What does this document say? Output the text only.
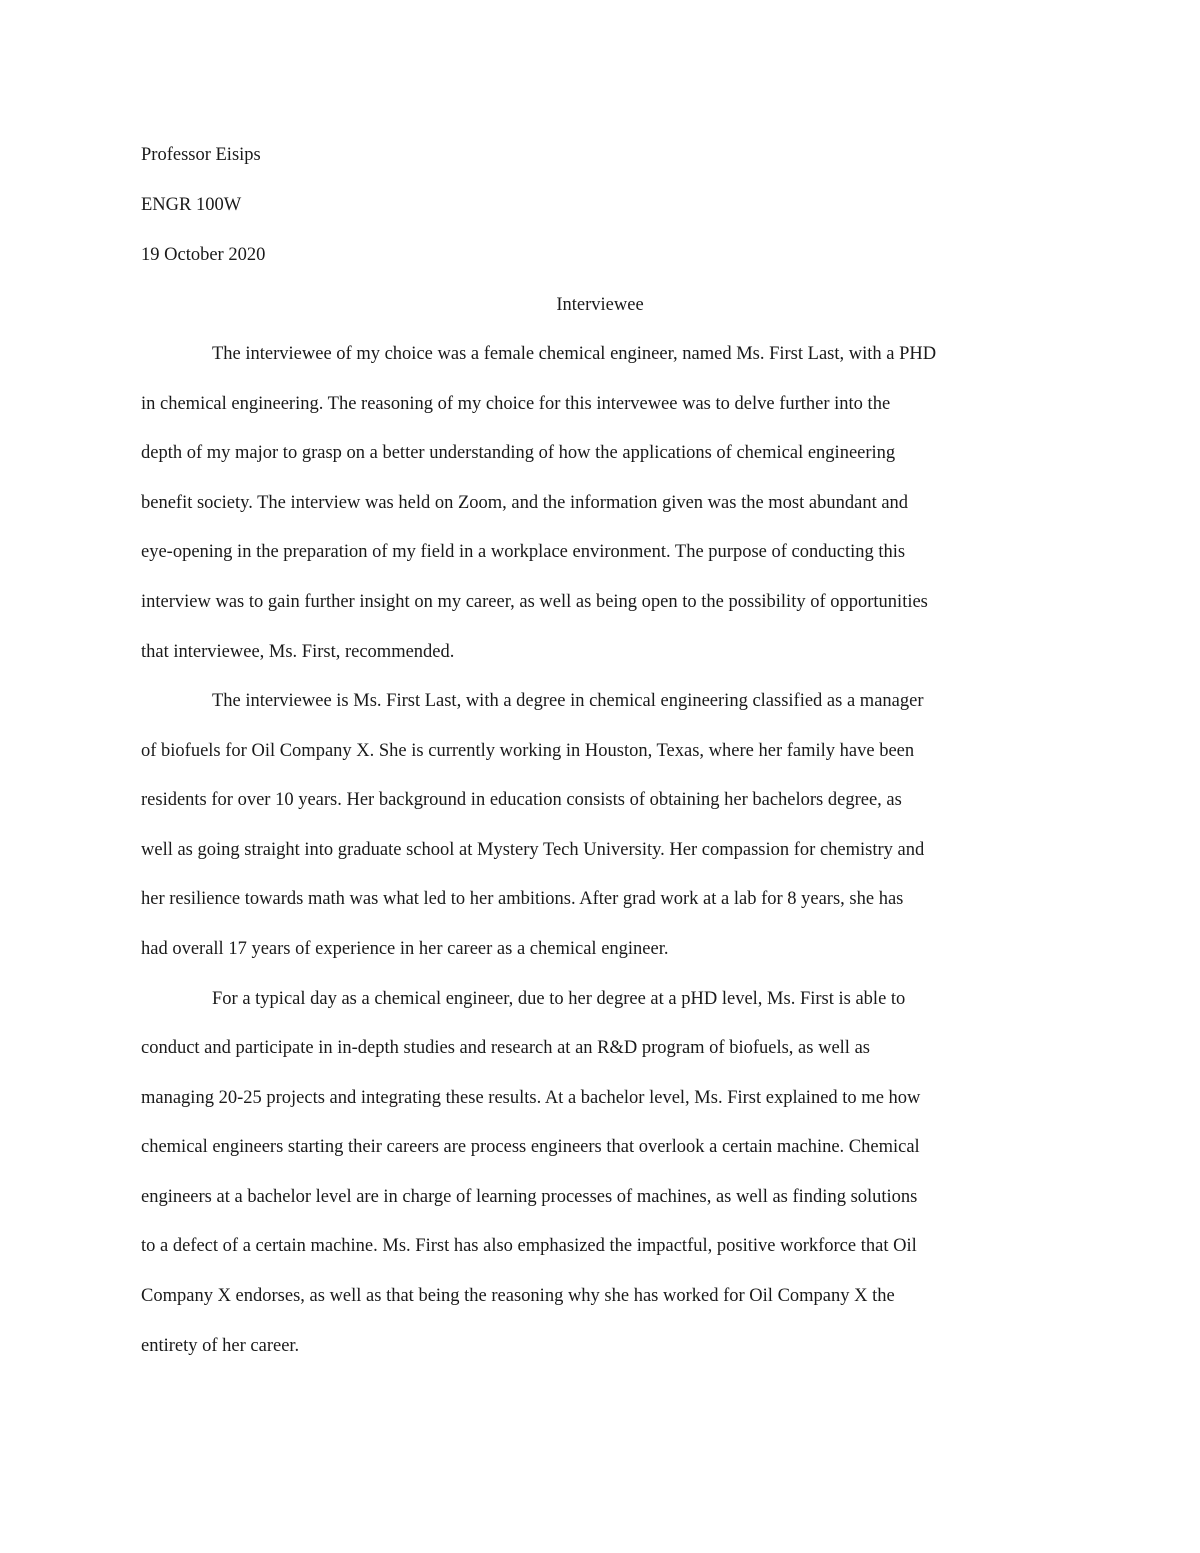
Professor Eisips
ENGR 100W
19 October 2020
Interviewee
The interviewee of my choice was a female chemical engineer, named Ms. First Last, with a PHD
in chemical engineering. The reasoning of my choice for this intervewee was to delve further into the
depth of my major to grasp on a better understanding of how the applications of chemical engineering
benefit society. The interview was held on Zoom, and the information given was the most abundant and
eye-opening in the preparation of my field in a workplace environment. The purpose of conducting this
interview was to gain further insight on my career, as well as being open to the possibility of opportunities
that interviewee, Ms. First, recommended.
The interviewee is Ms. First Last, with a degree in chemical engineering classified as a manager
of biofuels for Oil Company X. She is currently working in Houston, Texas, where her family have been
residents for over 10 years. Her background in education consists of obtaining her bachelors degree, as
well as going straight into graduate school at Mystery Tech University. Her compassion for chemistry and
her resilience towards math was what led to her ambitions. After grad work at a lab for 8 years, she has
had overall 17 years of experience in her career as a chemical engineer.
For a typical day as a chemical engineer, due to her degree at a pHD level, Ms. First is able to
conduct and participate in in-depth studies and research at an R&D program of biofuels, as well as
managing 20-25 projects and integrating these results. At a bachelor level, Ms. First explained to me how
chemical engineers starting their careers are process engineers that overlook a certain machine. Chemical
engineers at a bachelor level are in charge of learning processes of machines, as well as finding solutions
to a defect of a certain machine. Ms. First has also emphasized the impactful, positive workforce that Oil
Company X endorses, as well as that being the reasoning why she has worked for Oil Company X the
entirety of her career.
